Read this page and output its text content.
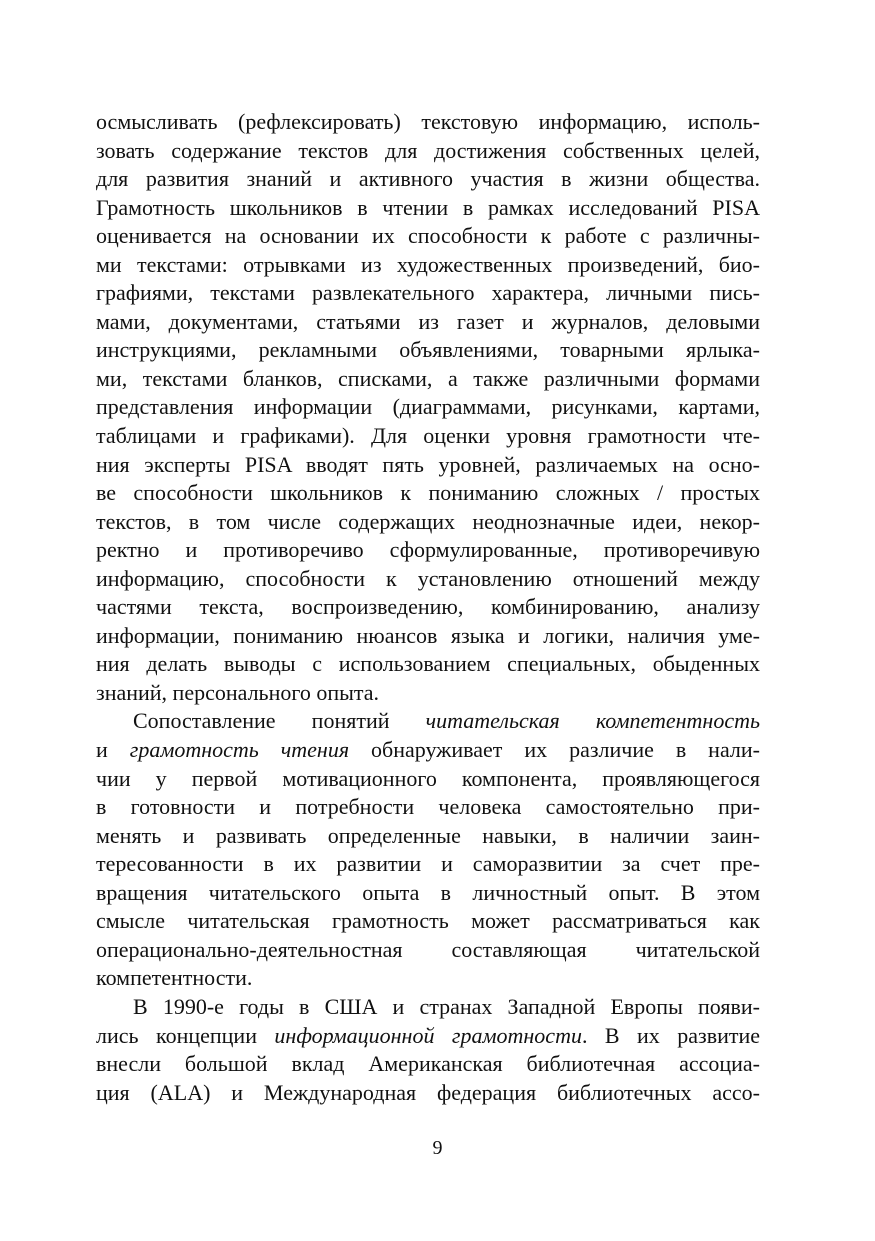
осмысливать (рефлексировать) текстовую информацию, исполь-
зовать содержание текстов для достижения собственных целей,
для развития знаний и активного участия в жизни общества.
Грамотность школьников в чтении в рамках исследований PISA
оценивается на основании их способности к работе с различны-
ми текстами: отрывками из художественных произведений, био-
графиями, текстами развлекательного характера, личными пись-
мами, документами, статьями из газет и журналов, деловыми
инструкциями, рекламными объявлениями, товарными ярлыка-
ми, текстами бланков, списками, а также различными формами
представления информации (диаграммами, рисунками, картами,
таблицами и графиками). Для оценки уровня грамотности чте-
ния эксперты PISA вводят пять уровней, различаемых на осно-
ве способности школьников к пониманию сложных / простых
текстов, в том числе содержащих неоднозначные идеи, некор-
ректно и противоречиво сформулированные, противоречивую
информацию, способности к установлению отношений между
частями текста, воспроизведению, комбинированию, анализу
информации, пониманию нюансов языка и логики, наличия уме-
ния делать выводы с использованием специальных, обыденных
знаний, персонального опыта.
Сопоставление понятий читательская компетентность
и грамотность чтения обнаруживает их различие в нали-
чии у первой мотивационного компонента, проявляющегося
в готовности и потребности человека самостоятельно при-
менять и развивать определенные навыки, в наличии заин-
тересованности в их развитии и саморазвитии за счет пре-
вращения читательского опыта в личностный опыт. В этом
смысле читательская грамотность может рассматриваться как
операционально-деятельностная составляющая читательской
компетентности.
В 1990-е годы в США и странах Западной Европы появи-
лись концепции информационной грамотности. В их развитие
внесли большой вклад Американская библиотечная ассоциа-
ция (ALA) и Международная федерация библиотечных ассо-
9
